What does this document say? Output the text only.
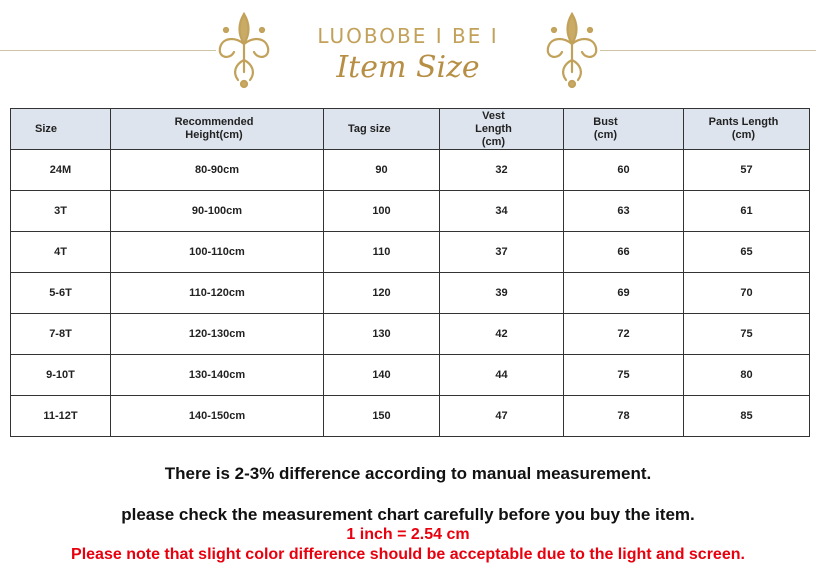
LUOBOBE I BE I
Item Size
Size	Recommended Height(cm)	Tag size	Vest Length (cm)	Bust (cm)	Pants Length (cm)
24M	80-90cm	90	32	60	57
3T	90-100cm	100	34	63	61
4T	100-110cm	110	37	66	65
5-6T	110-120cm	120	39	69	70
7-8T	120-130cm	130	42	72	75
9-10T	130-140cm	140	44	75	80
11-12T	140-150cm	150	47	78	85
There is 2-3% difference according to manual measurement.
please check the measurement chart carefully before you buy the item.
1 inch = 2.54 cm
Please note that slight color difference should be acceptable due to the light and screen.
